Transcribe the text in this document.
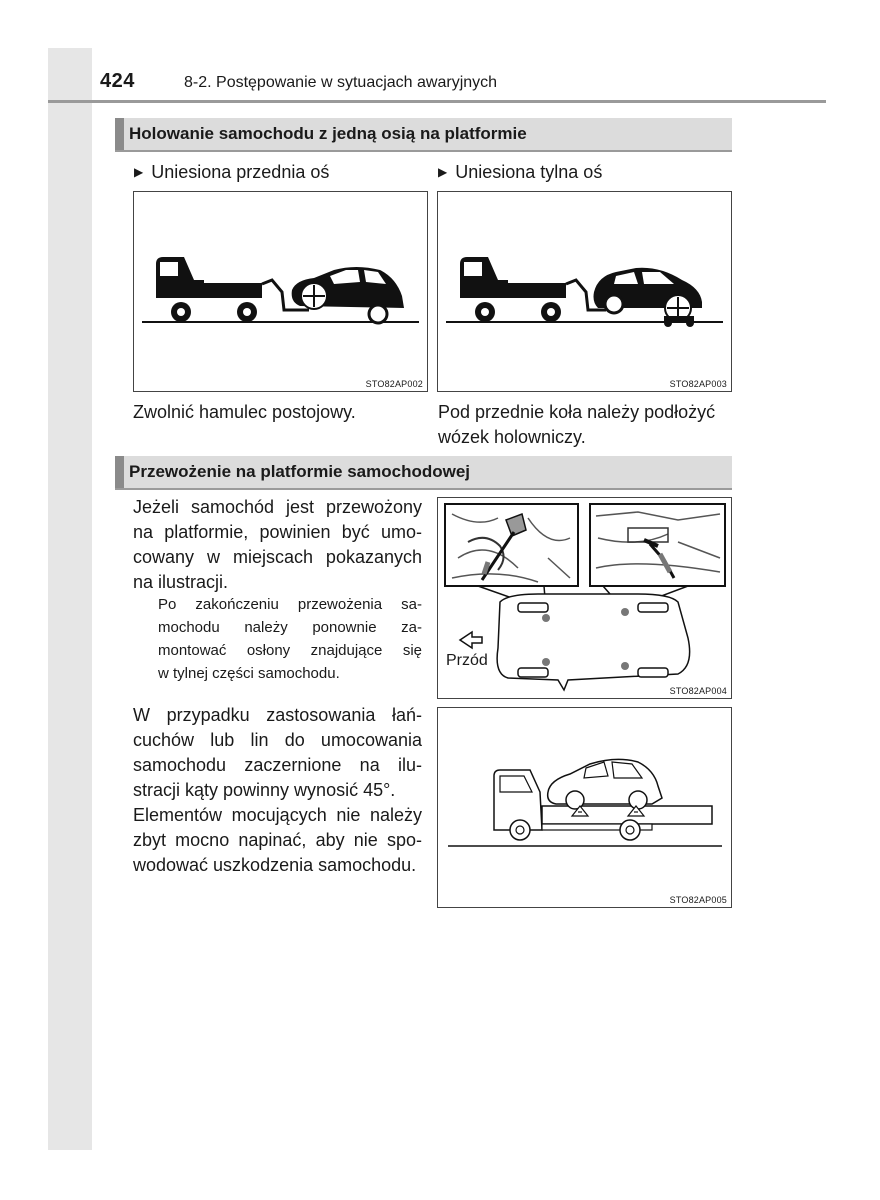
424	8-2. Postępowanie w sytuacjach awaryjnych
Holowanie samochodu z jedną osią na platformie
▶ Uniesiona przednia oś	▶ Uniesiona tylna oś
STO82AP002	STO82AP003
Zwolnić hamulec postojowy.	Pod przednie koła należy podłożyć
wózek holowniczy.
Przewożenie na platformie samochodowej
Jeżeli samochód jest przewożony
na platformie, powinien być umo-
cowany w miejscach pokazanych
na ilustracji.
Po zakończeniu przewożenia sa-
mochodu należy ponownie za-
montować osłony znajdujące się
w tylnej części samochodu.
W przypadku zastosowania łań-
cuchów lub lin do umocowania
samochodu zaczernione na ilu-
stracji kąty powinny wynosić 45°.
Elementów mocujących nie należy
zbyt mocno napinać, aby nie spo-
wodować uszkodzenia samochodu.
Przód
STO82AP004
STO82AP005
